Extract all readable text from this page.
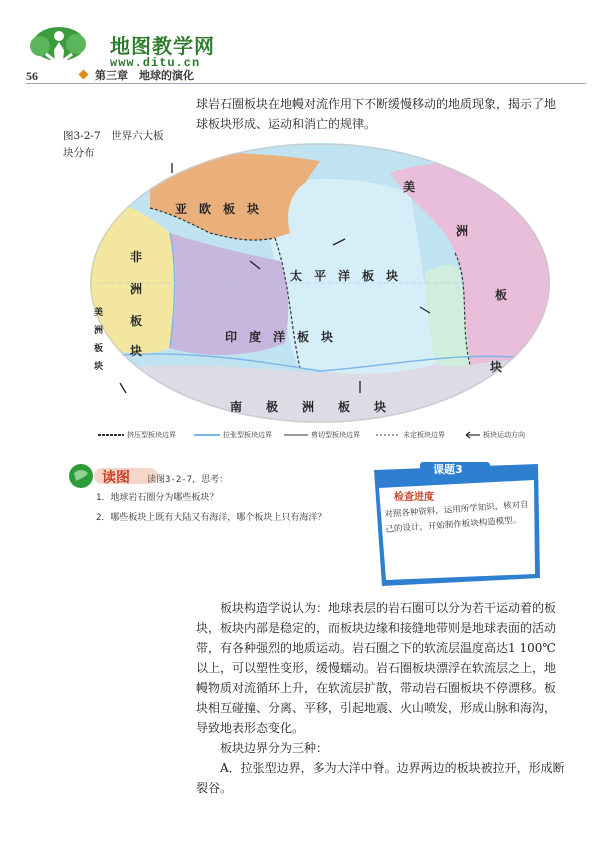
地图教学网
www.ditu.cn
56	第三章　地球的演化
球岩石圈板块在地幔对流作用下不断缓慢移动的地质现象，揭示了地球板块形成、运动和消亡的规律。
图3-2-7　世界六大板
块分布
亚　欧　板　块
非
洲
板
块
太　平　洋　板　块
印　度　洋　板　块
南　　极　　洲　　板　　块
美
洲
板
块
美
洲
板
块
挤压型板块边界	拉张型板块边界	剪切型板块边界	未定板块边界	板块运动方向
读图 读图3-2-7，思考：
1．地球岩石圈分为哪些板块？
2．哪些板块上既有大陆又有海洋，哪个板块上只有海洋？
课题3
检查进度
对照各种资料，运用所学知识，核对自己的设计，开始制作板块构造模型。

板块构造学说认为：地球表层的岩石圈可以分为若干运动着的板块，板块内部是稳定的，而板块边缘和接缝地带则是地球表面的活动带，有各种强烈的地质运动。岩石圈之下的软流层温度高达1 100℃以上，可以塑性变形，缓慢蠕动。岩石圈板块漂浮在软流层之上，地幔物质对流循环上升，在软流层扩散，带动岩石圈板块不停漂移。板块相互碰撞、分离、平移，引起地震、火山喷发，形成山脉和海沟，导致地表形态变化。

板块边界分为三种：

A．拉张型边界，多为大洋中脊。边界两边的板块被拉开，形成断裂谷。
